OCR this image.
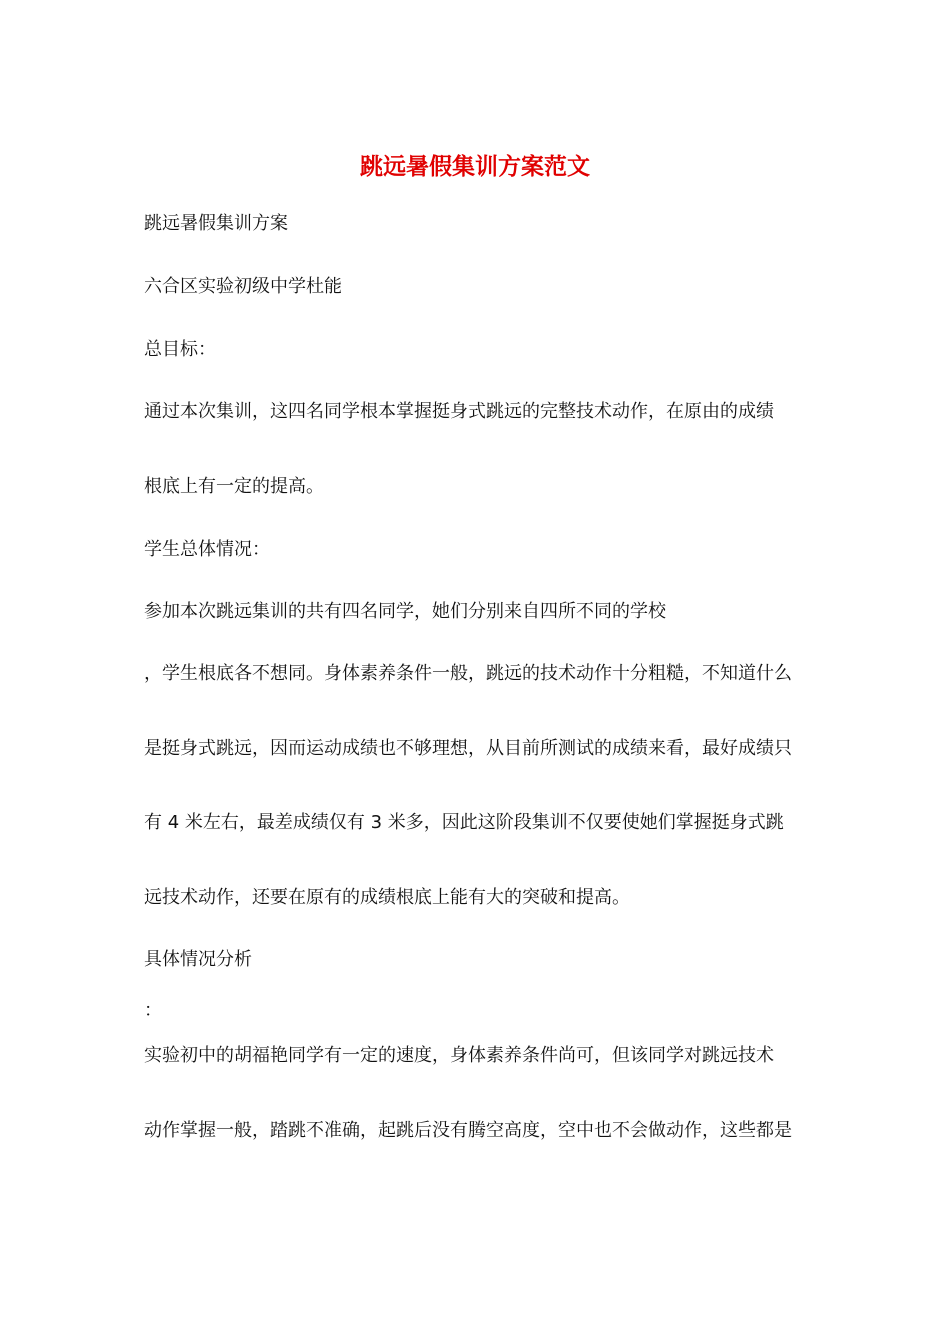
跳远暑假集训方案范文

跳远暑假集训方案

六合区实验初级中学杜能

总目标：

通过本次集训，这四名同学根本掌握挺身式跳远的完整技术动作，在原由的成绩

根底上有一定的提高。

学生总体情况：

参加本次跳远集训的共有四名同学，她们分别来自四所不同的学校

，学生根底各不想同。身体素养条件一般，跳远的技术动作十分粗糙，不知道什么

是挺身式跳远，因而运动成绩也不够理想，从目前所测试的成绩来看，最好成绩只

有 4 米左右，最差成绩仅有 3 米多，因此这阶段集训不仅要使她们掌握挺身式跳

远技术动作，还要在原有的成绩根底上能有大的突破和提高。

具体情况分析

：

实验初中的胡福艳同学有一定的速度，身体素养条件尚可，但该同学对跳远技术

动作掌握一般，踏跳不准确，起跳后没有腾空高度，空中也不会做动作，这些都是
